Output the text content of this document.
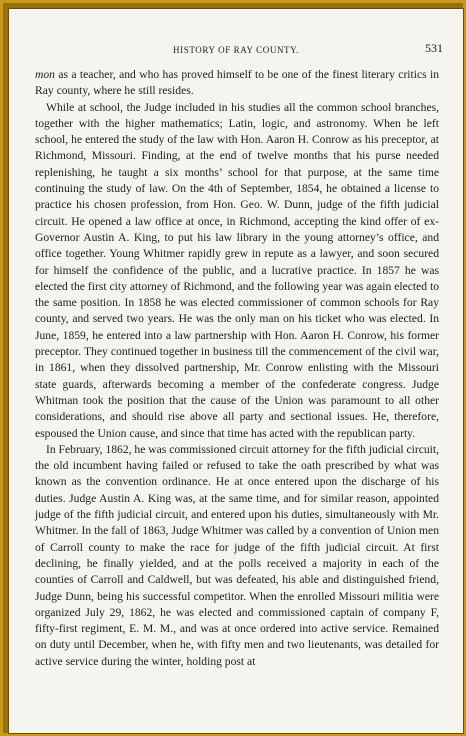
HISTORY OF RAY COUNTY.	531

mon as a teacher, and who has proved himself to be one of the finest literary critics in Ray county, where he still resides.

While at school, the Judge included in his studies all the common school branches, together with the higher mathematics; Latin, logic, and astronomy. When he left school, he entered the study of the law with Hon. Aaron H. Conrow as his preceptor, at Richmond, Missouri. Finding, at the end of twelve months that his purse needed replenishing, he taught a six months’ school for that purpose, at the same time continuing the study of law. On the 4th of September, 1854, he obtained a license to practice his chosen profession, from Hon. Geo. W. Dunn, judge of the fifth judicial circuit. He opened a law office at once, in Richmond, accepting the kind offer of ex-Governor Austin A. King, to put his law library in the young attorney’s office, and office together. Young Whitmer rapidly grew in repute as a lawyer, and soon secured for himself the confidence of the public, and a lucrative practice. In 1857 he was elected the first city attorney of Richmond, and the following year was again elected to the same position. In 1858 he was elected commissioner of common schools for Ray county, and served two years. He was the only man on his ticket who was elected. In June, 1859, he entered into a law partnership with Hon. Aaron H. Conrow, his former preceptor. They continued together in business till the commencement of the civil war, in 1861, when they dissolved partnership, Mr. Conrow enlisting with the Missouri state guards, afterwards becoming a member of the confederate congress. Judge Whitman took the position that the cause of the Union was paramount to all other considerations, and should rise above all party and sectional issues. He, therefore, espoused the Union cause, and since that time has acted with the republican party.

In February, 1862, he was commissioned circuit attorney for the fifth judicial circuit, the old incumbent having failed or refused to take the oath prescribed by what was known as the convention ordinance. He at once entered upon the discharge of his duties. Judge Austin A. King was, at the same time, and for similar reason, appointed judge of the fifth judicial circuit, and entered upon his duties, simultaneously with Mr. Whitmer. In the fall of 1863, Judge Whitmer was called by a convention of Union men of Carroll county to make the race for judge of the fifth judicial circuit. At first declining, he finally yielded, and at the polls received a majority in each of the counties of Carroll and Caldwell, but was defeated, his able and distinguished friend, Judge Dunn, being his successful competitor. When the enrolled Missouri militia were organized July 29, 1862, he was elected and commissioned captain of company F, fifty-first regiment, E. M. M., and was at once ordered into active service. Remained on duty until December, when he, with fifty men and two lieutenants, was detailed for active service during the winter, holding post at
